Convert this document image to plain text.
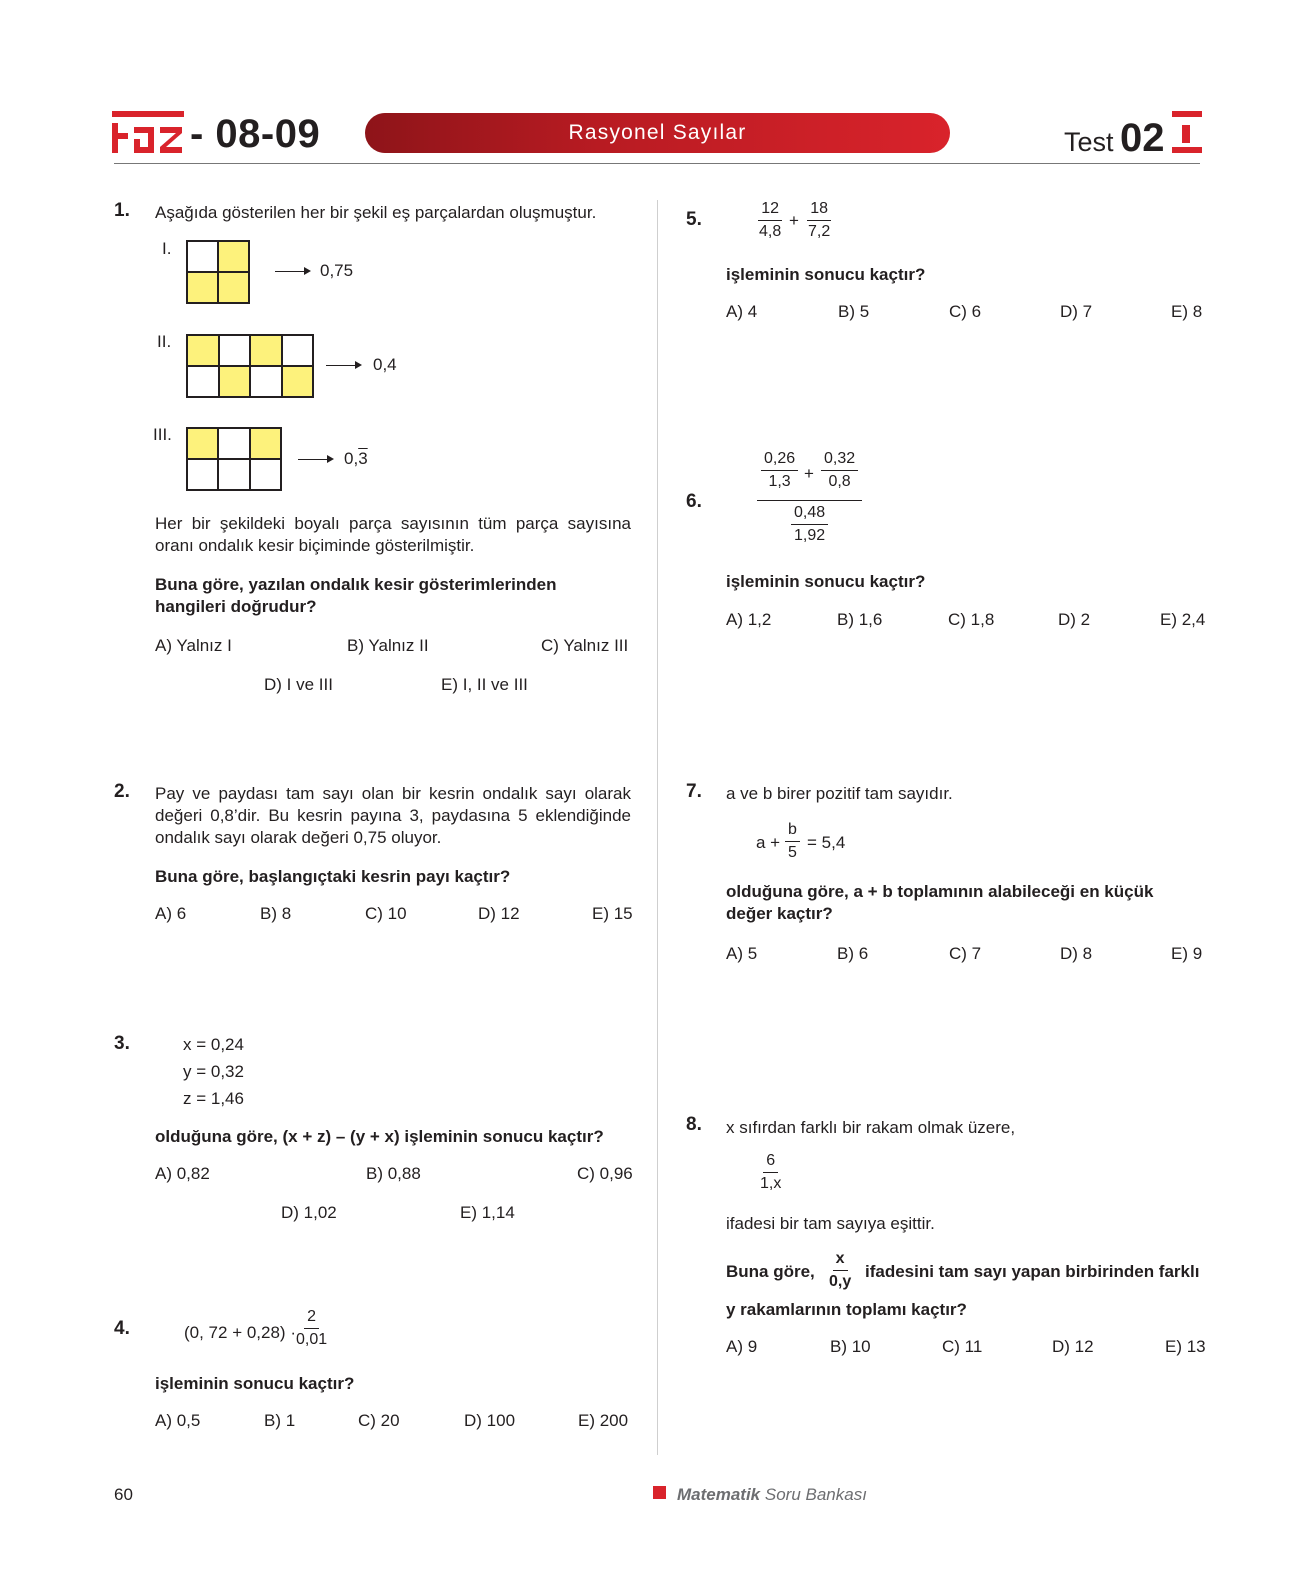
- 08-09	Rasyonel Sayılar	Test 02
1. Aşağıda gösterilen her bir şekil eş parçalardan oluşmuştur.
I.
0,75
II.
0,4
III.
0,3
Her bir şekildeki boyalı parça sayısının tüm parça sayısına oranı ondalık kesir biçiminde gösterilmiştir.
Buna göre, yazılan ondalık kesir gösterimlerinden hangileri doğrudur?
A) Yalnız I	B) Yalnız II	C) Yalnız III
D) I ve III	E) I, II ve III
2. Pay ve paydası tam sayı olan bir kesrin ondalık sayı olarak değeri 0,8’dir. Bu kesrin payına 3, paydasına 5 eklendiğinde ondalık sayı olarak değeri 0,75 oluyor.
Buna göre, başlangıçtaki kesrin payı kaçtır?
A) 6	B) 8	C) 10	D) 12	E) 15
3.	x = 0,24
y = 0,32
z = 1,46
olduğuna göre, (x + z) – (y + x) işleminin sonucu kaçtır?
A) 0,82	B) 0,88	C) 0,96
D) 1,02	E) 1,14
4.	(0, 72 + 0,28) ·
$\frac{2}{0,01}$
işleminin sonucu kaçtır?
A) 0,5	B) 1	C) 20	D) 100	E) 200
5.	$\frac{12}{4,8} + \frac{18}{7,2}$
işleminin sonucu kaçtır?
A) 4	B) 5	C) 6	D) 7	E) 8
6.
$\frac{0,26}{1,3} + \frac{0,32}{0,8}$
$\frac{0,48}{1,92}$
işleminin sonucu kaçtır?
A) 1,2	B) 1,6	C) 1,8	D) 2	E) 2,4
7. a ve b birer pozitif tam sayıdır.
$a + \frac{b}{5} = 5,4$
olduğuna göre, a + b toplamının alabileceği en küçük değer kaçtır?
A) 5	B) 6	C) 7	D) 8	E) 9
8. x sıfırdan farklı bir rakam olmak üzere,
$\frac{6}{1,x}$
ifadesi bir tam sayıya eşittir.
Buna göre, $\frac{x}{0,y}$ ifadesini tam sayı yapan birbirinden farklı
y rakamlarının toplamı kaçtır?
A) 9	B) 10	C) 11	D) 12	E) 13
60	Matematik Soru Bankası
